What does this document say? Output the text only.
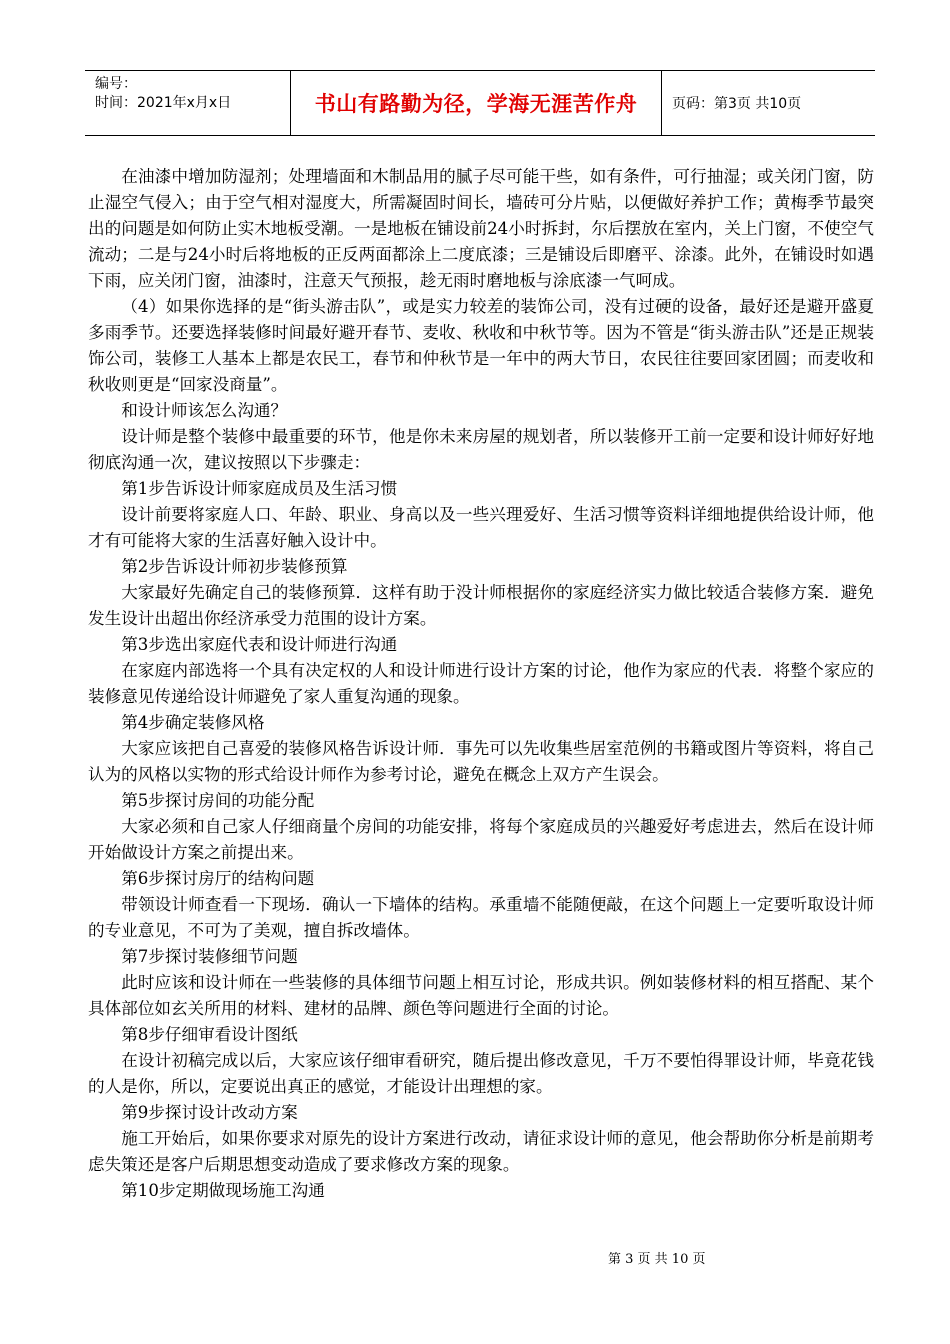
编号：
时间：2021年x月x日	书山有路勤为径，学海无涯苦作舟	页码：第3页 共10页

在油漆中增加防湿剂；处理墙面和木制品用的腻子尽可能干些，如有条件，可行抽湿；或关闭门窗，防止湿空气侵入；由于空气相对湿度大，所需凝固时间长，墙砖可分片贴，以便做好养护工作；黄梅季节最突出的问题是如何防止实木地板受潮。一是地板在铺设前24小时拆封，尔后摆放在室内，关上门窗，不使空气流动；二是与24小时后将地板的正反两面都涂上二度底漆；三是铺设后即磨平、涂漆。此外，在铺设时如遇下雨，应关闭门窗，油漆时，注意天气预报，趁无雨时磨地板与涂底漆一气呵成。

（4）如果你选择的是“街头游击队”，或是实力较差的装饰公司，没有过硬的设备，最好还是避开盛夏多雨季节。还要选择装修时间最好避开春节、麦收、秋收和中秋节等。因为不管是“街头游击队”还是正规装饰公司，装修工人基本上都是农民工，春节和仲秋节是一年中的两大节日，农民往往要回家团圆；而麦收和秋收则更是“回家没商量”。

和设计师该怎么沟通？

设计师是整个装修中最重要的环节，他是你未来房屋的规划者，所以装修开工前一定要和设计师好好地彻底沟通一次，建议按照以下步骤走：

第1步告诉设计师家庭成员及生活习惯

设计前要将家庭人口、年龄、职业、身高以及一些兴理爱好、生活习惯等资料详细地提供给设计师，他才有可能将大家的生活喜好触入设计中。

第2步告诉设计师初步装修预算

大家最好先确定自己的装修预算．这样有助于没计师根据你的家庭经济实力做比较适合装修方案．避免发生设计出超出你经济承受力范围的设计方案。

第3步选出家庭代表和设计师进行沟通

在家庭内部选将一个具有决定权的人和设计师进行设计方案的讨论，他作为家应的代表．将整个家应的装修意见传递给设计师避免了家人重复沟通的现象。

第4步确定装修风格

大家应该把自己喜爱的装修风格告诉设计师．事先可以先收集些居室范例的书籍或图片等资料，将自己认为的风格以实物的形式给设计师作为参考讨论，避免在概念上双方产生误会。

第5步探讨房间的功能分配

大家必须和自己家人仔细商量个房间的功能安排，将每个家庭成员的兴趣爱好考虑进去，然后在设计师开始做设计方案之前提出来。

第6步探讨房厅的结构问题

带领设计师查看一下现场．确认一下墙体的结构。承重墙不能随便敲，在这个问题上一定要听取设计师的专业意见，不可为了美观，擅自拆改墙体。

第7步探讨装修细节问题

此时应该和设计师在一些装修的具体细节问题上相互讨论，形成共识。例如装修材料的相互搭配、某个具体部位如玄关所用的材料、建材的品牌、颜色等问题进行全面的讨论。

第8步仔细审看设计图纸

在设计初稿完成以后，大家应该仔细审看研究，随后提出修改意见，千万不要怕得罪设计师，毕竟花钱的人是你，所以，定要说出真正的感觉，才能设计出理想的家。

第9步探讨设计改动方案

施工开始后，如果你要求对原先的设计方案进行改动，请征求设计师的意见，他会帮助你分析是前期考虑失策还是客户后期思想变动造成了要求修改方案的现象。

第10步定期做现场施工沟通

第 3 页 共 10 页
